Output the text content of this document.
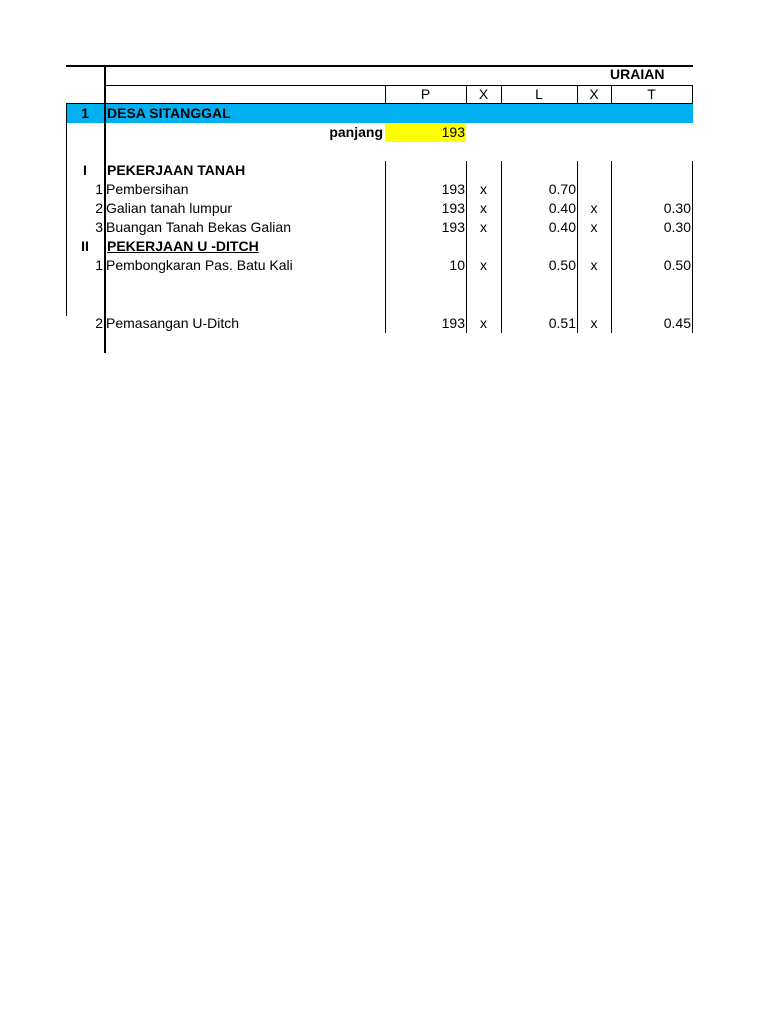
URAIAN
P	X	L	X	T
1	DESA SITANGGAL
panjang	193
I	PEKERJAAN TANAH
1 Pembersihan	193	x	0.70
2 Galian tanah lumpur	193	x	0.40	x	0.30
3 Buangan Tanah Bekas Galian	193	x	0.40	x	0.30
II	PEKERJAAN U -DITCH
1 Pembongkaran Pas. Batu Kali	10	x	0.50	x	0.50
2 Pemasangan U-Ditch	193	x	0.51	x	0.45
